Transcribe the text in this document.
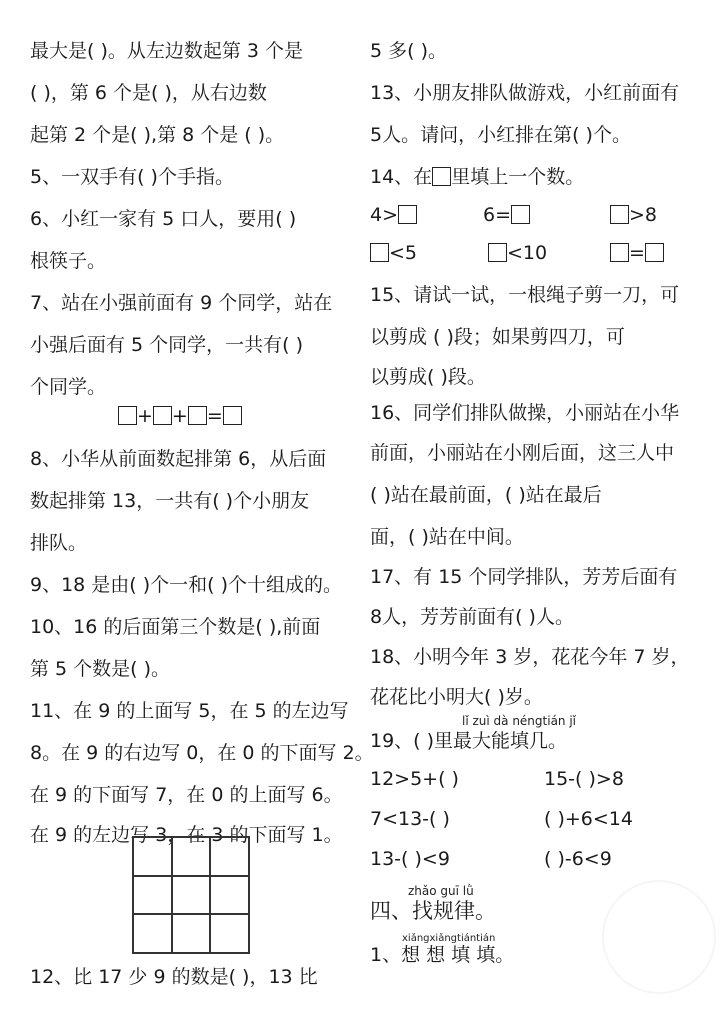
最大是( )。从左边数起第 3 个是
( )，第 6 个是( )，从右边数
起第 2 个是( ),第 8 个是 ( )。
5、一双手有( )个手指。
6、小红一家有 5 口人，要用( )
根筷子。
7、站在小强前面有 9 个同学，站在
小强后面有 5 个同学，一共有( )
个同学。
+ + =
8、小华从前面数起排第 6，从后面
数起排第 13，一共有( )个小朋友
排队。
9、18 是由( )个一和( )个十组成的。
10、16 的后面第三个数是( ),前面
第 5 个数是( )。
11、在 9 的上面写 5，在 5 的左边写
8。在 9 的右边写 0，在 0 的下面写 2。
在 9 的下面写 7，在 0 的上面写 6。
在 9 的左边写 3，在 3 的下面写 1。
12、比 17 少 9 的数是( )，13 比
5 多( )。
13、小朋友排队做游戏，小红前面有
5人。请问，小红排在第( )个。
14、在 里填上一个数。
4>	6=	>8
<5	<10	=
15、请试一试，一根绳子剪一刀，可
以剪成 ( )段；如果剪四刀，可
以剪成( )段。
16、同学们排队做操，小丽站在小华
前面，小丽站在小刚后面，这三人中
( )站在最前面，( )站在最后
面，( )站在中间。
17、有 15 个同学排队，芳芳后面有
8人，芳芳前面有( )人。
18、小明今年 3 岁，花花今年 7 岁，
花花比小明大( )岁。
lǐ zuì dà néngtián jǐ
19、( )里最大能填几。
12>5+( )	15-( )>8
7<13-( )	( )+6<14
13-( )<9	( )-6<9
zhǎo guī lǜ
四、找规律。
xiǎngxiǎngtiántián
1、想 想 填 填。
